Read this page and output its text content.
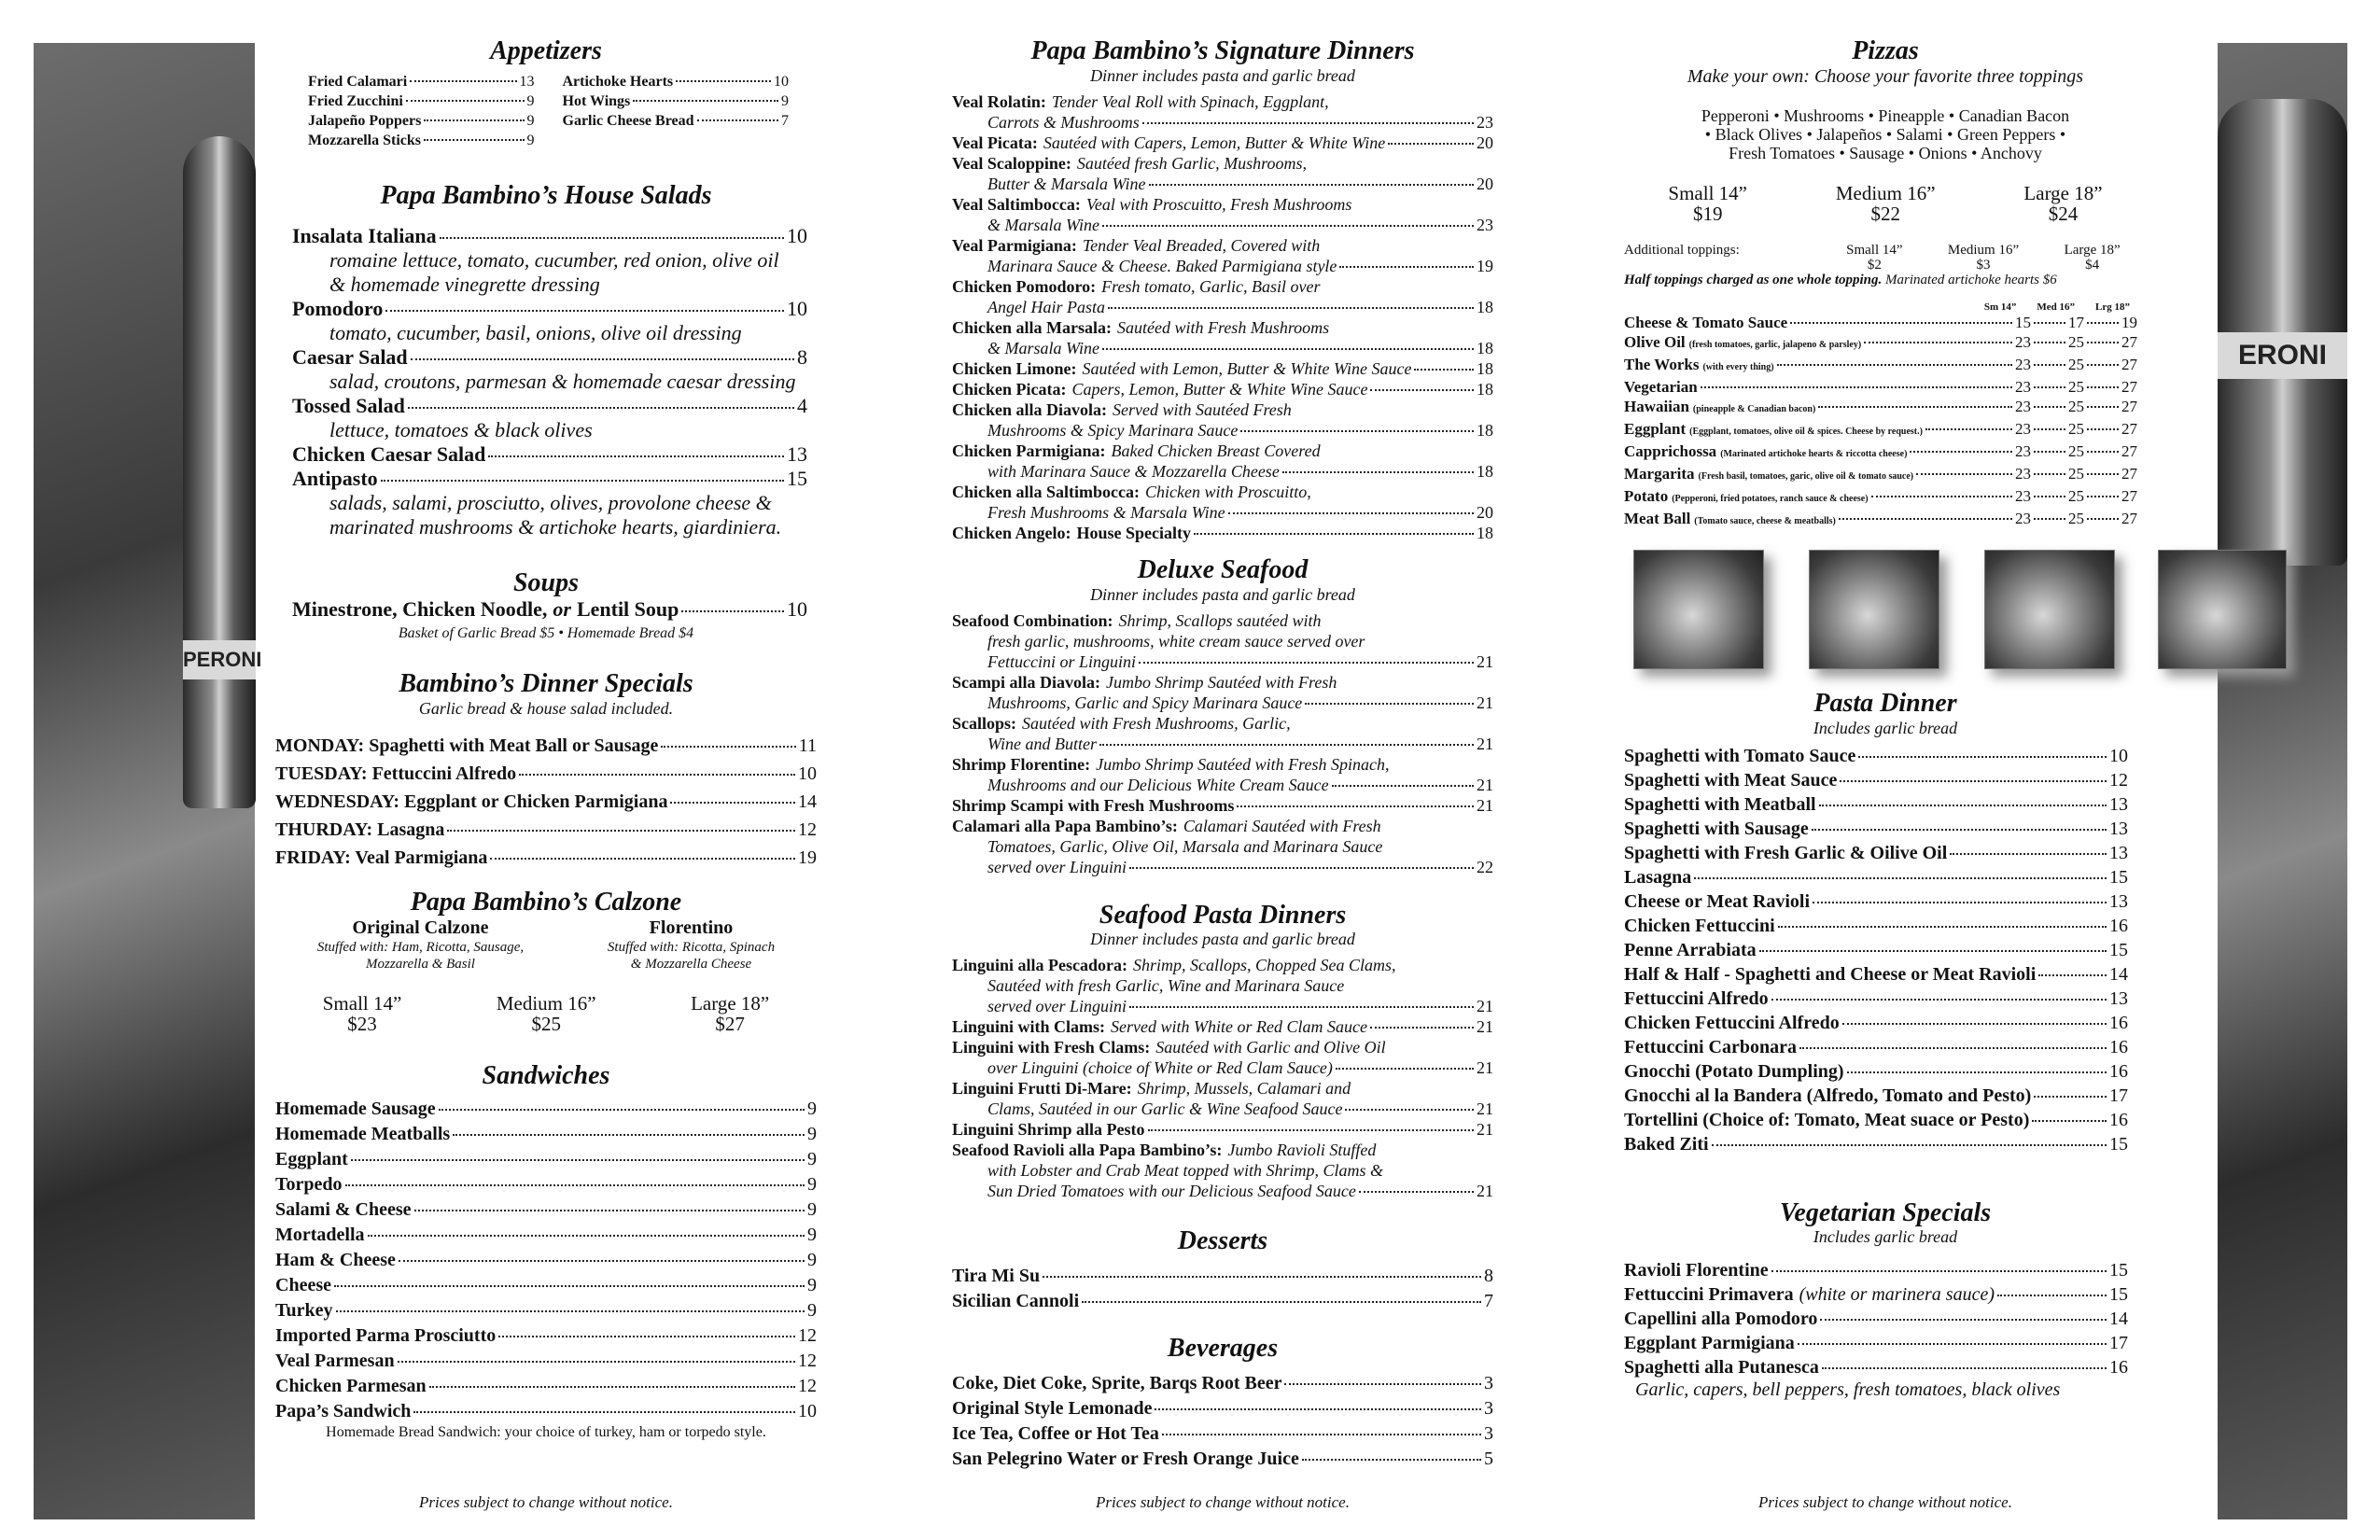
PERONI
ERONI
Appetizers
Fried Calamari	13
Fried Zucchini	9
Jalapeño Poppers	9
Mozzarella Sticks	9
Artichoke Hearts	10
Hot Wings	9
Garlic Cheese Bread	7
Papa Bambino’s House Salads
Insalata Italiana	10
romaine lettuce, tomato, cucumber, red onion, olive oil
& homemade vinegrette dressing
Pomodoro	10
tomato, cucumber, basil, onions, olive oil dressing
Caesar Salad	8
salad, croutons, parmesan & homemade caesar dressing
Tossed Salad	4
lettuce, tomatoes & black olives
Chicken Caesar Salad	13
Antipasto	15
salads, salami, prosciutto, olives, provolone cheese &
marinated mushrooms & artichoke hearts, giardiniera.
Soups
Minestrone, Chicken Noodle, or Lentil Soup	10
Basket of Garlic Bread $5 • Homemade Bread $4
Bambino’s Dinner Specials
Garlic bread & house salad included.
MONDAY: Spaghetti with Meat Ball or Sausage	11
TUESDAY: Fettuccini Alfredo	10
WEDNESDAY: Eggplant or Chicken Parmigiana	14
THURDAY: Lasagna	12
FRIDAY: Veal Parmigiana	19
Papa Bambino’s Calzone
Original Calzone
Stuffed with: Ham, Ricotta, Sausage,
Mozzarella & Basil
Florentino
Stuffed with: Ricotta, Spinach
& Mozzarella Cheese
Small 14”
$23
Medium 16”
$25
Large 18”
$27
Sandwiches
Homemade Sausage	9
Homemade Meatballs	9
Eggplant	9
Torpedo	9
Salami & Cheese	9
Mortadella	9
Ham & Cheese	9
Cheese	9
Turkey	9
Imported Parma Prosciutto	12
Veal Parmesan	12
Chicken Parmesan	12
Papa’s Sandwich	10
Homemade Bread Sandwich: your choice of turkey, ham or torpedo style.
Papa Bambino’s Signature Dinners
Dinner includes pasta and garlic bread
Veal Rolatin: Tender Veal Roll with Spinach, Eggplant,
Carrots & Mushrooms	23
Veal Picata: Sautéed with Capers, Lemon, Butter & White Wine	20
Veal Scaloppine: Sautéed fresh Garlic, Mushrooms,
Butter & Marsala Wine	20
Veal Saltimbocca: Veal with Proscuitto, Fresh Mushrooms
& Marsala Wine	23
Veal Parmigiana: Tender Veal Breaded, Covered with
Marinara Sauce & Cheese. Baked Parmigiana style	19
Chicken Pomodoro: Fresh tomato, Garlic, Basil over
Angel Hair Pasta	18
Chicken alla Marsala: Sautéed with Fresh Mushrooms
& Marsala Wine	18
Chicken Limone: Sautéed with Lemon, Butter & White Wine Sauce	18
Chicken Picata: Capers, Lemon, Butter & White Wine Sauce	18
Chicken alla Diavola: Served with Sautéed Fresh
Mushrooms & Spicy Marinara Sauce	18
Chicken Parmigiana: Baked Chicken Breast Covered
with Marinara Sauce & Mozzarella Cheese	18
Chicken alla Saltimbocca: Chicken with Proscuitto,
Fresh Mushrooms & Marsala Wine	20
Chicken Angelo: House Specialty	18
Deluxe Seafood
Dinner includes pasta and garlic bread
Seafood Combination: Shrimp, Scallops sautéed with
fresh garlic, mushrooms, white cream sauce served over
Fettuccini or Linguini	21
Scampi alla Diavola: Jumbo Shrimp Sautéed with Fresh
Mushrooms, Garlic and Spicy Marinara Sauce	21
Scallops: Sautéed with Fresh Mushrooms, Garlic,
Wine and Butter	21
Shrimp Florentine: Jumbo Shrimp Sautéed with Fresh Spinach,
Mushrooms and our Delicious White Cream Sauce	21
Shrimp Scampi with Fresh Mushrooms	21
Calamari alla Papa Bambino’s: Calamari Sautéed with Fresh
Tomatoes, Garlic, Olive Oil, Marsala and Marinara Sauce
served over Linguini	22
Seafood Pasta Dinners
Dinner includes pasta and garlic bread
Linguini alla Pescadora: Shrimp, Scallops, Chopped Sea Clams,
Sautéed with fresh Garlic, Wine and Marinara Sauce
served over Linguini	21
Linguini with Clams: Served with White or Red Clam Sauce	21
Linguini with Fresh Clams: Sautéed with Garlic and Olive Oil
over Linguini (choice of White or Red Clam Sauce)	21
Linguini Frutti Di-Mare: Shrimp, Mussels, Calamari and
Clams, Sautéed in our Garlic & Wine Seafood Sauce	21
Linguini Shrimp alla Pesto	21
Seafood Ravioli alla Papa Bambino’s: Jumbo Ravioli Stuffed
with Lobster and Crab Meat topped with Shrimp, Clams &
Sun Dried Tomatoes with our Delicious Seafood Sauce	21
Desserts
Tira Mi Su	8
Sicilian Cannoli	7
Beverages
Coke, Diet Coke, Sprite, Barqs Root Beer	3
Original Style Lemonade	3
Ice Tea, Coffee or Hot Tea	3
San Pelegrino Water or Fresh Orange Juice	5
Pizzas
Make your own: Choose your favorite three toppings
Pepperoni • Mushrooms • Pineapple • Canadian Bacon
• Black Olives • Jalapeños • Salami • Green Peppers •
Fresh Tomatoes • Sausage • Onions • Anchovy
Small 14”
$19
Medium 16”
$22
Large 18”
$24
Additional toppings:	Small 14”
$2
Medium 16”
$3
Large 18”
$4
Half toppings charged as one whole topping. Marinated artichoke hearts $6
Sm 14” Med 16” Lrg 18”
Cheese & Tomato Sauce	15 17 19
Olive Oil (fresh tomatoes, garlic, jalapeno & parsley)	23 25 27
The Works (with every thing)	23 25 27
Vegetarian	23 25 27
Hawaiian (pineapple & Canadian bacon)	23 25 27
Eggplant (Eggplant, tomatoes, olive oil & spices. Cheese by request.)	23 25 27
Capprichossa (Marinated artichoke hearts & riccotta cheese)	23 25 27
Margarita (Fresh basil, tomatoes, garic, olive oil & tomato sauce)	23 25 27
Potato (Pepperoni, fried potatoes, ranch sauce & cheese)	23 25 27
Meat Ball (Tomato sauce, cheese & meatballs)	23 25 27
Pasta Dinner
Includes garlic bread
Spaghetti with Tomato Sauce	10
Spaghetti with Meat Sauce	12
Spaghetti with Meatball	13
Spaghetti with Sausage	13
Spaghetti with Fresh Garlic & Oilive Oil	13
Lasagna	15
Cheese or Meat Ravioli	13
Chicken Fettuccini	16
Penne Arrabiata	15
Half & Half - Spaghetti and Cheese or Meat Ravioli	14
Fettuccini Alfredo	13
Chicken Fettuccini Alfredo	16
Fettuccini Carbonara	16
Gnocchi (Potato Dumpling)	16
Gnocchi al la Bandera (Alfredo, Tomato and Pesto)	17
Tortellini (Choice of: Tomato, Meat suace or Pesto)	16
Baked Ziti	15
Vegetarian Specials
Includes garlic bread
Ravioli Florentine	15
Fettuccini Primavera (white or marinera sauce)	15
Capellini alla Pomodoro	14
Eggplant Parmigiana	17
Spaghetti alla Putanesca	16
Garlic, capers, bell peppers, fresh tomatoes, black olives
Prices subject to change without notice.	Prices subject to change without notice.	Prices subject to change without notice.
